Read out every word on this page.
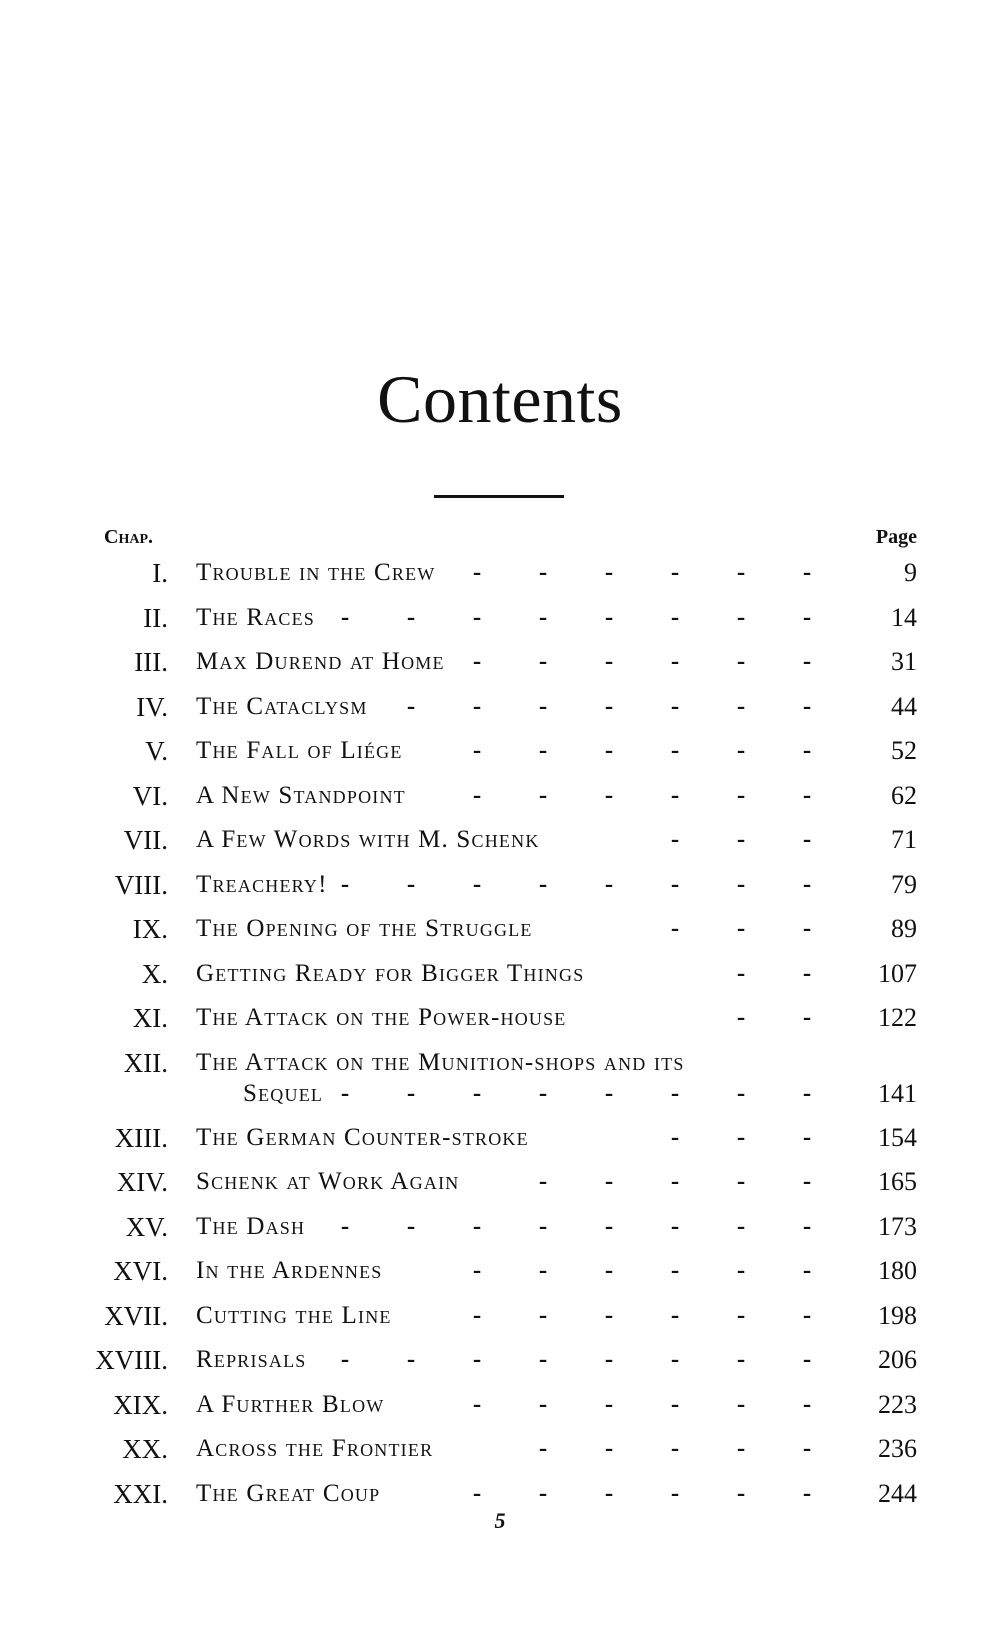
Contents
Chap.	Page
I. Trouble in the Crew	- - - - - -	9
II. The Races	- - - - - - - -	14
III. Max Durend at Home	- - - - - -	31
IV. The Cataclysm	- - - - - - -	44
V. The Fall of Liége	- - - - - -	52
VI. A New Standpoint	- - - - - -	62
VII. A Few Words with M. Schenk	- - -	71
VIII. Treachery! - - - - - - - -	79
IX. The Opening of the Struggle	- - -	89
X. Getting Ready for Bigger Things	- -	107
XI. The Attack on the Power-house	- -	122
XII. The Attack on the Munition-shops and its
Sequel - - - - - - - -	141
XIII. The German Counter-stroke	- - -	154
XIV. Schenk at Work Again	- - - - -	165
XV. The Dash	- - - - - - - -	173
XVI. In the Ardennes	- - - - - -	180
XVII. Cutting the Line	- - - - - -	198
XVIII. Reprisals	- - - - - - - -	206
XIX. A Further Blow	- - - - - -	223
XX. Across the Frontier	- - - - -	236
XXI. The Great Coup	- - - - - -	244
5
